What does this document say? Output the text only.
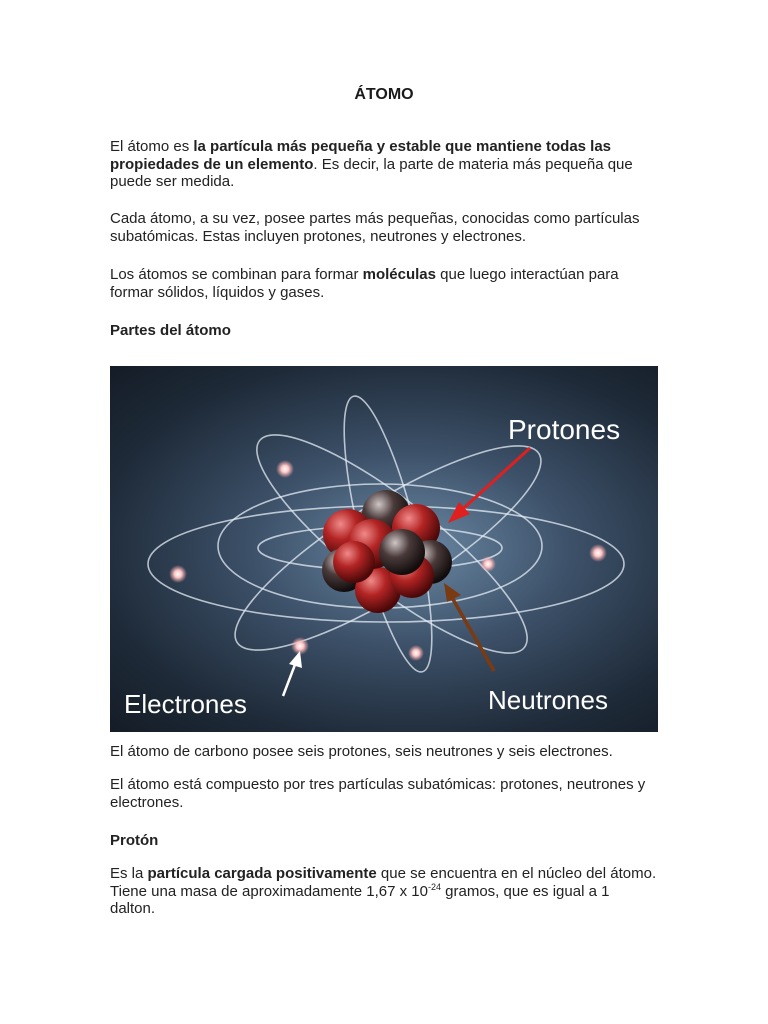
ÁTOMO
El átomo es la partícula más pequeña y estable que mantiene todas las propiedades de un elemento. Es decir, la parte de materia más pequeña que puede ser medida.
Cada átomo, a su vez, posee partes más pequeñas, conocidas como partículas subatómicas. Estas incluyen protones, neutrones y electrones.
Los átomos se combinan para formar moléculas que luego interactúan para formar sólidos, líquidos y gases.
Partes del átomo
Protones
Neutrones
Electrones
El átomo de carbono posee seis protones, seis neutrones y seis electrones.
El átomo está compuesto por tres partículas subatómicas: protones, neutrones y electrones.
Protón
Es la partícula cargada positivamente que se encuentra en el núcleo del átomo. Tiene una masa de aproximadamente 1,67 x $10^{-24}$ gramos, que es igual a 1 dalton.
